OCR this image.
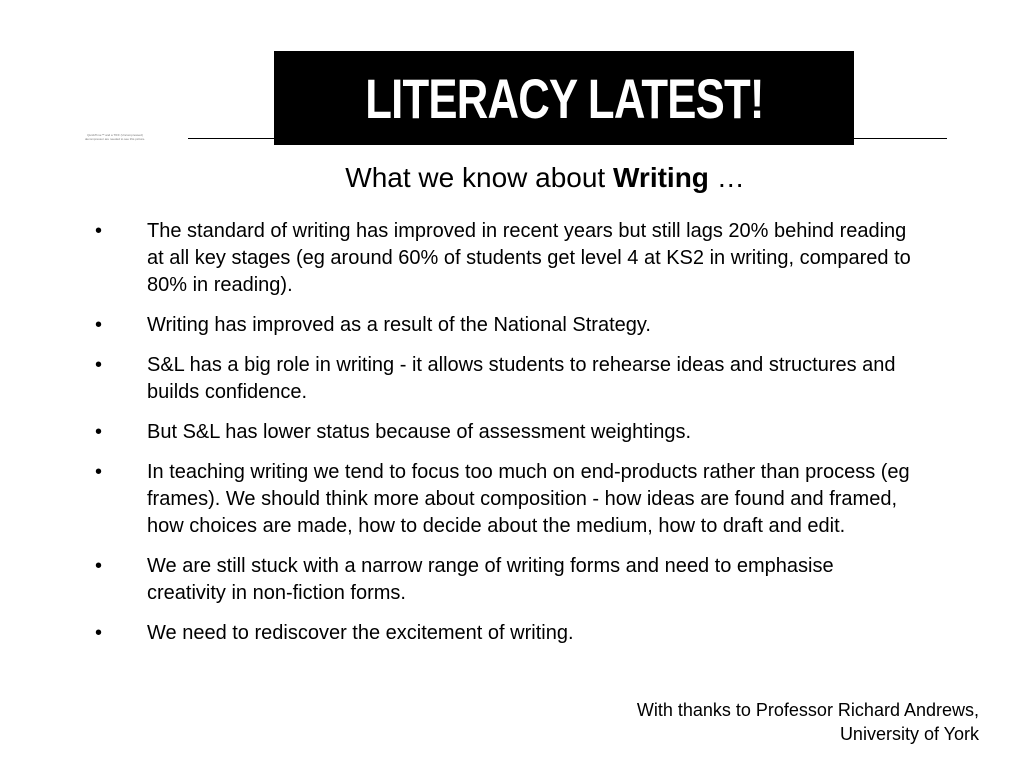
QuickTime™ and a TIFF (Uncompressed) decompressor are needed to see this picture.
LITERACY LATEST!
What we know about Writing …
•	The standard of writing has improved in recent years but still lags 20% behind reading at all key stages (eg around 60% of students get level 4 at KS2 in writing, compared to 80% in reading).
•	Writing has improved as a result of the National Strategy.
•	S&L has a big role in writing - it allows students to rehearse ideas and structures and builds confidence.
•	But S&L has lower status because of assessment weightings.
•	In teaching writing we tend to focus too much on end-products rather than process (eg frames). We should think more about composition - how ideas are found and framed, how choices are made, how to decide about the medium, how to draft and edit.
•	We are still stuck with a narrow range of writing forms and need to emphasise creativity in non-fiction forms.
•	We need to rediscover the excitement of writing.
With thanks to Professor Richard Andrews,
University of York
